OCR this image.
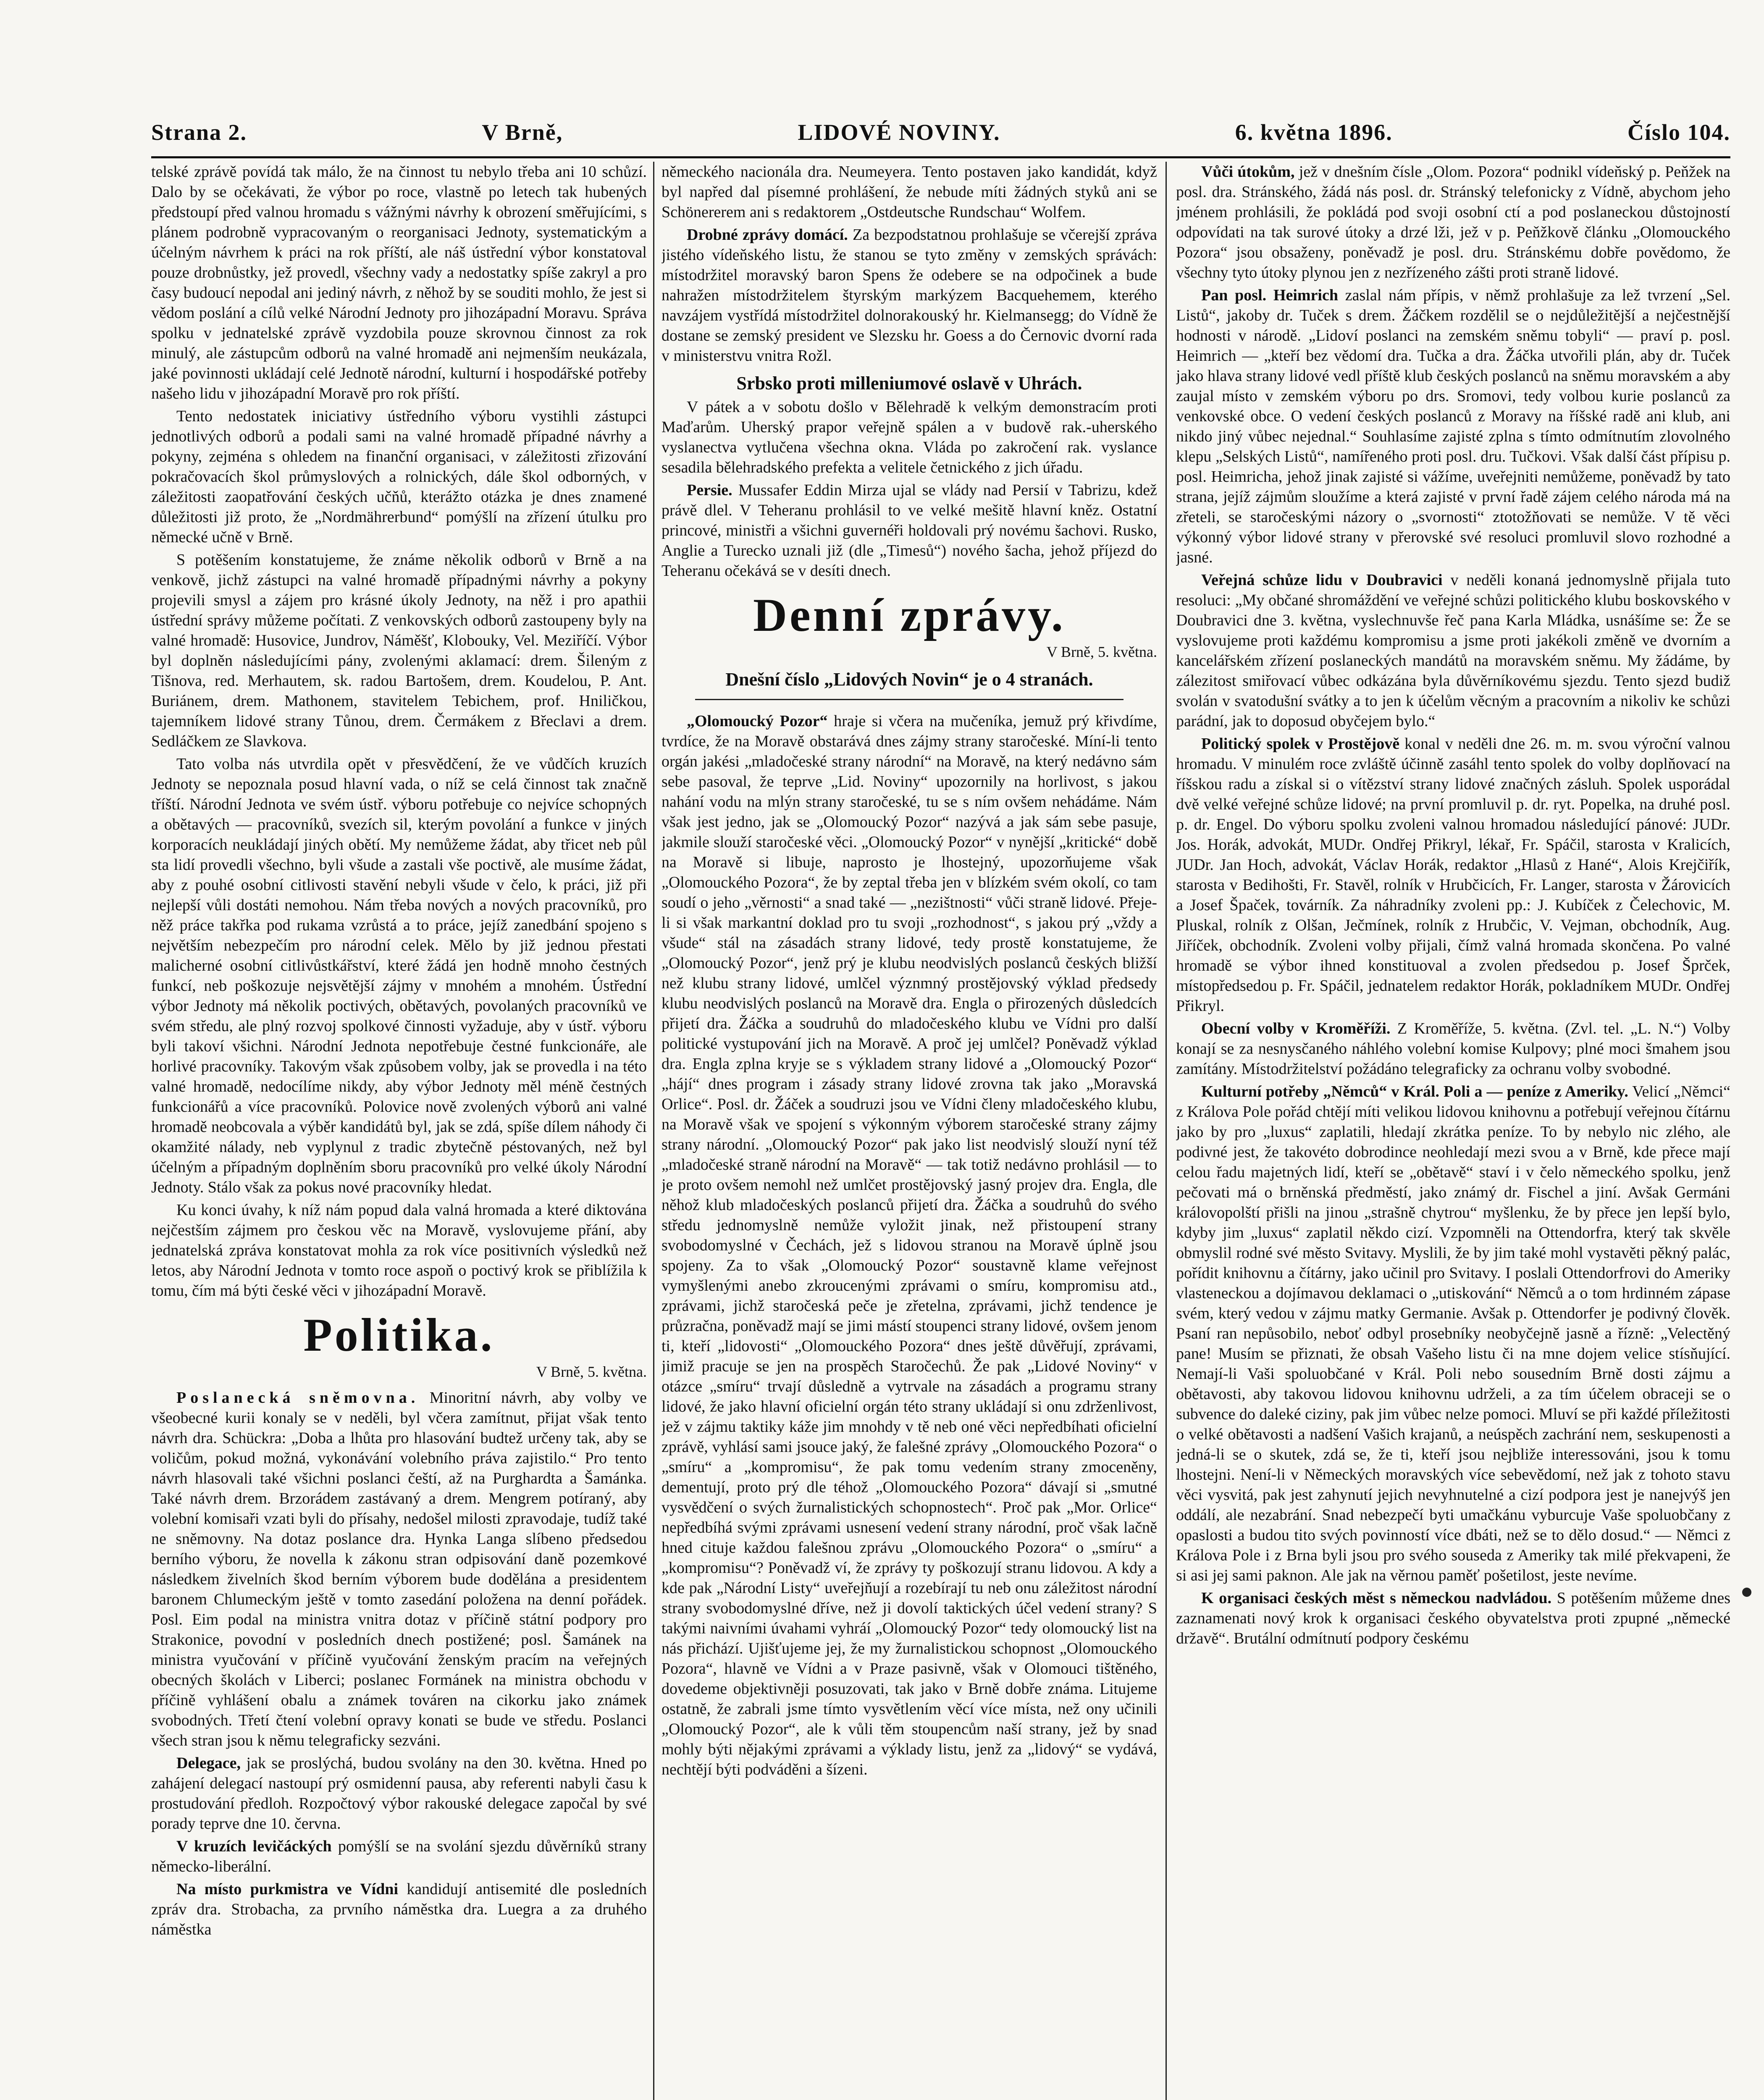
Strana 2.	V Brně,	LIDOVÉ NOVINY.	6. května 1896.	Číslo 104.

telské zprávě povídá tak málo, že na činnost tu nebylo třeba ani 10 schůzí. Dalo by se očekávati, že výbor po roce, vlastně po letech tak hubených předstoupí před valnou hromadu s vážnými návrhy k obrození směřujícími, s plánem podrobně vypracovaným o reorganisaci Jednoty, systematickým a účelným návrhem k práci na rok příští, ale náš ústřední výbor konstatoval pouze drobnůstky, jež provedl, všechny vady a nedostatky spíše zakryl a pro časy budoucí nepodal ani jediný návrh, z něhož by se souditi mohlo, že jest si vědom poslání a cílů velké Národní Jednoty pro jihozápadní Moravu. Správa spolku v jednatelské zprávě vyzdobila pouze skrovnou činnost za rok minulý, ale zástupcům odborů na valné hromadě ani nejmenším neukázala, jaké povinnosti ukládají celé Jednotě národní, kulturní i hospodářské potřeby našeho lidu v jihozápadní Moravě pro rok příští.

Tento nedostatek iniciativy ústředního výboru vystihli zástupci jednotlivých odborů a podali sami na valné hromadě případné návrhy a pokyny, zejména s ohledem na finanční organisaci, v záležitosti zřizování pokračovacích škol průmyslových a rolnických, dále škol odborných, v záležitosti zaopatřování českých učňů, kterážto otázka je dnes znamené důležitosti již proto, že „Nordmährerbund“ pomýšlí na zřízení útulku pro německé učně v Brně.

S potěšením konstatujeme, že známe několik odborů v Brně a na venkově, jichž zástupci na valné hromadě případnými návrhy a pokyny projevili smysl a zájem pro krásné úkoly Jednoty, na něž i pro apathii ústřední správy můžeme počítati. Z venkovských odborů zastoupeny byly na valné hromadě: Husovice, Jundrov, Náměšť, Klobouky, Vel. Meziříčí. Výbor byl doplněn následujícími pány, zvolenými aklamací: drem. Šileným z Tišnova, red. Merhautem, sk. radou Bartošem, drem. Koudelou, P. Ant. Buriánem, drem. Mathonem, stavitelem Tebichem, prof. Hniličkou, tajemníkem lidové strany Tůnou, drem. Čermákem z Břeclavi a drem. Sedláčkem ze Slavkova.

Tato volba nás utvrdila opět v přesvědčení, že ve vůdčích kruzích Jednoty se nepoznala posud hlavní vada, o níž se celá činnost tak značně tříští. Národní Jednota ve svém ústř. výboru potřebuje co nejvíce schopných a obětavých — pracovníků, svezích sil, kterým povolání a funkce v jiných korporacích neukládají jiných obětí. My nemůžeme žádat, aby třicet neb půl sta lidí provedli všechno, byli všude a zastali vše poctivě, ale musíme žádat, aby z pouhé osobní citlivosti stavění nebyli všude v čelo, k práci, již při nejlepší vůli dostáti nemohou. Nám třeba nových a nových pracovníků, pro něž práce takřka pod rukama vzrůstá a to práce, jejíž zanedbání spojeno s největším nebezpečím pro národní celek. Mělo by již jednou přestati malicherné osobní citlivůstkářství, které žádá jen hodně mnoho čestných funkcí, neb poškozuje nejsvětější zájmy v mnohém a mnohém. Ústřední výbor Jednoty má několik poctivých, obětavých, povolaných pracovníků ve svém středu, ale plný rozvoj spolkové činnosti vyžaduje, aby v ústř. výboru byli takoví všichni. Národní Jednota nepotřebuje čestné funkcionáře, ale horlivé pracovníky. Takovým však způsobem volby, jak se provedla i na této valné hromadě, nedocílíme nikdy, aby výbor Jednoty měl méně čestných funkcionářů a více pracovníků. Polovice nově zvolených výborů ani valné hromadě neobcovala a výběr kandidátů byl, jak se zdá, spíše dílem náhody či okamžité nálady, neb vyplynul z tradic zbytečně péstovaných, než byl účelným a případným doplněním sboru pracovníků pro velké úkoly Národní Jednoty. Stálo však za pokus nové pracovníky hledat.

Ku konci úvahy, k níž nám popud dala valná hromada a které diktována nejčestším zájmem pro českou věc na Moravě, vyslovujeme přání, aby jednatelská zpráva konstatovat mohla za rok více positivních výsledků než letos, aby Národní Jednota v tomto roce aspoň o poctivý krok se přiblížila k tomu, čím má býti české věci v jihozápadní Moravě.

Politika.
V Brně, 5. května.

Poslanecká sněmovna. Minoritní návrh, aby volby ve všeobecné kurii konaly se v neděli, byl včera zamítnut, přijat však tento návrh dra. Schückra: „Doba a lhůta pro hlasování budtež určeny tak, aby se voličům, pokud možná, vykonávání volebního práva zajistilo.“ Pro tento návrh hlasovali také všichni poslanci čeští, až na Purghardta a Šamánka. Také návrh drem. Brzorádem zastávaný a drem. Mengrem potíraný, aby volební komisaři vzati byli do přísahy, nedošel milosti zpravodaje, tudíž také ne sněmovny. Na dotaz poslance dra. Hynka Langa slíbeno předsedou berního výboru, že novella k zákonu stran odpisování daně pozemkové následkem živelních škod berním výborem bude dodělána a presidentem baronem Chlumeckým ještě v tomto zasedání položena na denní pořádek. Posl. Eim podal na ministra vnitra dotaz v příčině státní podpory pro Strakonice, povodní v posledních dnech postižené; posl. Šamánek na ministra vyučování v příčině vyučování ženským pracím na veřejných obecných školách v Liberci; poslanec Formánek na ministra obchodu v příčině vyhlášení obalu a známek továren na cikorku jako známek svobodných. Třetí čtení volební opravy konati se bude ve středu. Poslanci všech stran jsou k němu telegraficky sezváni.

Delegace, jak se proslýchá, budou svolány na den 30. května. Hned po zahájení delegací nastoupí prý osmidenní pausa, aby referenti nabyli času k prostudování předloh. Rozpočtový výbor rakouské delegace započal by své porady teprve dne 10. června.

V kruzích levičáckých pomýšlí se na svolání sjezdu důvěrníků strany německo-liberální.

Na místo purkmistra ve Vídni kandidují antisemité dle posledních zpráv dra. Strobacha, za prvního náměstka dra. Luegra a za druhého náměstka

německého nacionála dra. Neumeyera. Tento postaven jako kandidát, když byl napřed dal písemné prohlášení, že nebude míti žádných styků ani se Schönererem ani s redaktorem „Ostdeutsche Rundschau“ Wolfem.

Drobné zprávy domácí. Za bezpodstatnou prohlašuje se včerejší zpráva jistého vídeňského listu, že stanou se tyto změny v zemských správách: místodržitel moravský baron Spens že odebere se na odpočinek a bude nahražen místodržitelem štyrským markýzem Bacquehemem, kterého navzájem vystřídá místodržitel dolnorakouský hr. Kielmansegg; do Vídně že dostane se zemský president ve Slezsku hr. Goess a do Černovic dvorní rada v ministerstvu vnitra Rožl.

Srbsko proti milleniumové oslavě v Uhrách.

V pátek a v sobotu došlo v Bělehradě k velkým demonstracím proti Maďarům. Uherský prapor veřejně spálen a v budově rak.-uherského vyslanectva vytlučena všechna okna. Vláda po zakročení rak. vyslance sesadila bělehradského prefekta a velitele četnického z jich úřadu.

Persie. Mussafer Eddin Mirza ujal se vlády nad Persií v Tabrizu, kdež právě dlel. V Teheranu prohlásil to ve velké mešitě hlavní kněz. Ostatní princové, ministři a všichni guvernéři holdovali prý novému šachovi. Rusko, Anglie a Turecko uznali již (dle „Timesů“) nového šacha, jehož příjezd do Teheranu očekává se v desíti dnech.

Denní zprávy.
V Brně, 5. května.
Dnešní číslo „Lidových Novin“ je o 4 stranách.

„Olomoucký Pozor“ hraje si včera na mučeníka, jemuž prý křivdíme, tvrdíce, že na Moravě obstarává dnes zájmy strany staročeské. Míní-li tento orgán jakési „mladočeské strany národní“ na Moravě, na který nedávno sám sebe pasoval, že teprve „Lid. Noviny“ upozornily na horlivost, s jakou nahání vodu na mlýn strany staročeské, tu se s ním ovšem nehádáme. Nám však jest jedno, jak se „Olomoucký Pozor“ nazývá a jak sám sebe pasuje, jakmile slouží staročeské věci. „Olomoucký Pozor“ v nynější „kritické“ době na Moravě si libuje, naprosto je lhostejný, upozorňujeme však „Olomouckého Pozora“, že by zeptal třeba jen v blízkém svém okolí, co tam soudí o jeho „věrnosti“ a snad také — „nezištnosti“ vůči straně lidové. Přeje-li si však markantní doklad pro tu svoji „rozhodnost“, s jakou prý „vždy a všude“ stál na zásadách strany lidové, tedy prostě konstatujeme, že „Olomoucký Pozor“, jenž prý je klubu neodvislých poslanců českých bližší než klubu strany lidové, umlčel význmný prostějovský výklad předsedy klubu neodvislých poslanců na Moravě dra. Engla o přirozených důsledcích přijetí dra. Žáčka a soudruhů do mladočeského klubu ve Vídni pro další politické vystupování jich na Moravě. A proč jej umlčel? Poněvadž výklad dra. Engla zplna kryje se s výkladem strany lidové a „Olomoucký Pozor“ „hájí“ dnes program i zásady strany lidové zrovna tak jako „Moravská Orlice“. Posl. dr. Žáček a soudruzi jsou ve Vídni členy mladočeského klubu, na Moravě však ve spojení s výkonným výborem staročeské strany zájmy strany národní. „Olomoucký Pozor“ pak jako list neodvislý slouží nyní též „mladočeské straně národní na Moravě“ — tak totiž nedávno prohlásil — to je proto ovšem nemohl než umlčet prostějovský jasný projev dra. Engla, dle něhož klub mladočeských poslanců přijetí dra. Žáčka a soudruhů do svého středu jednomyslně nemůže vyložit jinak, než přistoupení strany svobodomyslné v Čechách, jež s lidovou stranou na Moravě úplně jsou spojeny. Za to však „Olomoucký Pozor“ soustavně klame veřejnost vymyšlenými anebo zkroucenými zprávami o smíru, kompromisu atd., zprávami, jichž staročeská peče je zřetelna, zprávami, jichž tendence je průzračna, poněvadž mají se jimi mástí stoupenci strany lidové, ovšem jenom ti, kteří „lidovosti“ „Olomouckého Pozora“ dnes ještě důvěřují, zprávami, jimiž pracuje se jen na prospěch Staročechů. Že pak „Lidové Noviny“ v otázce „smíru“ trvají důsledně a vytrvale na zásadách a programu strany lidové, že jako hlavní oficielní orgán této strany ukládají si onu zdrženlivost, jež v zájmu taktiky káže jim mnohdy v tě neb oné věci nepředbíhati oficielní zprávě, vyhlásí sami jsouce jaký, že falešné zprávy „Olomouckého Pozora“ o „smíru“ a „kompromisu“, že pak tomu vedením strany zmoceněny, dementují, proto prý dle téhož „Olomouckého Pozora“ dávají si „smutné vysvědčení o svých žurnalistických schopnostech“. Proč pak „Mor. Orlice“ nepředbíhá svými zprávami usnesení vedení strany národní, proč však lačně hned cituje každou falešnou zprávu „Olomouckého Pozora“ o „smíru“ a „kompromisu“? Poněvadž ví, že zprávy ty poškozují stranu lidovou. A kdy a kde pak „Národní Listy“ uveřejňují a rozebírají tu neb onu záležitost národní strany svobodomyslné dříve, než ji dovolí taktických účel vedení strany? S takými naivními úvahami vyhráí „Olomoucký Pozor“ tedy olomoucký list na nás přichází. Ujišťujeme jej, že my žurnalistickou schopnost „Olomouckého Pozora“, hlavně ve Vídni a v Praze pasivně, však v Olomouci tištěného, dovedeme objektivněji posuzovati, tak jako v Brně dobře známa. Litujeme ostatně, že zabrali jsme tímto vysvětlením věcí více místa, než ony učinili „Olomoucký Pozor“, ale k vůli těm stoupencům naší strany, jež by snad mohly býti nějakými zprávami a výklady listu, jenž za „lidový“ se vydává, nechtějí býti podváděni a šízeni.

Vůči útokům, jež v dnešním čísle „Olom. Pozora“ podnikl vídeňský p. Peňžek na posl. dra. Stránského, žádá nás posl. dr. Stránský telefonicky z Vídně, abychom jeho jménem prohlásili, že pokládá pod svoji osobní ctí a pod poslaneckou důstojností odpovídati na tak surové útoky a drzé lži, jež v p. Peňžkově článku „Olomouckého Pozora“ jsou obsaženy, poněvadž je posl. dru. Stránskému dobře povědomo, že všechny tyto útoky plynou jen z nezřízeného zášti proti straně lidové.

Pan posl. Heimrich zaslal nám přípis, v němž prohlašuje za lež tvrzení „Sel. Listů“, jakoby dr. Tuček s drem. Žáčkem rozdělil se o nejdůležitější a nejčestnější hodnosti v národě. „Lidoví poslanci na zemském sněmu tobyli“ — praví p. posl. Heimrich — „kteří bez vědomí dra. Tučka a dra. Žáčka utvořili plán, aby dr. Tuček jako hlava strany lidové vedl příště klub českých poslanců na sněmu moravském a aby zaujal místo v zemském výboru po drs. Sromovi, tedy volbou kurie poslanců za venkovské obce. O vedení českých poslanců z Moravy na říšské radě ani klub, ani nikdo jiný vůbec nejednal.“ Souhlasíme zajisté zplna s tímto odmítnutím zlovolného klepu „Selských Listů“, namířeného proti posl. dru. Tučkovi. Však další část přípisu p. posl. Heimricha, jehož jinak zajisté si vážíme, uveřejniti nemůžeme, poněvadž by tato strana, jejíž zájmům sloužíme a která zajisté v první řadě zájem celého národa má na zřeteli, se staročeskými názory o „svornosti“ ztotožňovati se nemůže. V tě věci výkonný výbor lidové strany v přerovské své resoluci promluvil slovo rozhodné a jasné.

Veřejná schůze lidu v Doubravici v neděli konaná jednomyslně přijala tuto resoluci: „My občané shromáždění ve veřejné schůzi politického klubu boskovského v Doubravici dne 3. května, vyslechnuvše řeč pana Karla Mládka, usnášíme se: Že se vyslovujeme proti každému kompromisu a jsme proti jakékoli změně ve dvorním a kancelářském zřízení poslaneckých mandátů na moravském sněmu. My žádáme, by zálezitost smiřovací vůbec odkázána byla důvěrníkovému sjezdu. Tento sjezd budiž svolán v svatodušní svátky a to jen k účelům věcným a pracovním a nikoliv ke schůzi parádní, jak to doposud obyčejem bylo.“

Politický spolek v Prostějově konal v neděli dne 26. m. m. svou výroční valnou hromadu. V minulém roce zvláště účinně zasáhl tento spolek do volby doplňovací na říšskou radu a získal si o vítězství strany lidové značných zásluh. Spolek usporádal dvě velké veřejné schůze lidové; na první promluvil p. dr. ryt. Popelka, na druhé posl. p. dr. Engel. Do výboru spolku zvoleni valnou hromadou následující pánové: JUDr. Jos. Horák, advokát, MUDr. Ondřej Přikryl, lékař, Fr. Spáčil, starosta v Kralicích, JUDr. Jan Hoch, advokát, Václav Horák, redaktor „Hlasů z Hané“, Alois Krejčiřík, starosta v Bedihošti, Fr. Stavěl, rolník v Hrubčicích, Fr. Langer, starosta v Žárovicích a Josef Špaček, továrník. Za náhradníky zvoleni pp.: J. Kubíček z Čelechovic, M. Pluskal, rolník z Olšan, Ječmínek, rolník z Hrubčic, V. Vejman, obchodník, Aug. Jiříček, obchodník. Zvoleni volby přijali, čímž valná hromada skončena. Po valné hromadě se výbor ihned konstituoval a zvolen předsedou p. Josef Šprček, místopředsedou p. Fr. Spáčil, jednatelem redaktor Horák, pokladníkem MUDr. Ondřej Přikryl.

Obecní volby v Kroměříži. Z Kroměříže, 5. května. (Zvl. tel. „L. N.“) Volby konají se za nesnysčaného náhlého volební komise Kulpovy; plné moci šmahem jsou zamítány. Místodržitelství požádáno telegraficky za ochranu volby svobodné.

Kulturní potřeby „Němců“ v Král. Poli a — peníze z Ameriky. Velicí „Němci“ z Králova Pole pořád chtějí míti velikou lidovou knihovnu a potřebují veřejnou čítárnu jako by pro „luxus“ zaplatili, hledají zkrátka peníze. To by nebylo nic zlého, ale podivné jest, že takovéto dobrodince neohledají mezi svou a v Brně, kde přece mají celou řadu majetných lidí, kteří se „obětavě“ staví i v čelo německého spolku, jenž pečovati má o brněnská předměstí, jako známý dr. Fischel a jiní. Avšak Germáni královopolští přišli na jinou „strašně chytrou“ myšlenku, že by přece jen lepší bylo, kdyby jim „luxus“ zaplatil někdo cizí. Vzpomněli na Ottendorfra, který tak skvěle obmyslil rodné své město Svitavy. Myslili, že by jim také mohl vystavěti pěkný palác, pořídit knihovnu a čítárny, jako učinil pro Svitavy. I poslali Ottendorfrovi do Ameriky vlasteneckou a dojímavou deklamaci o „utiskování“ Němců a o tom hrdinném zápase svém, který vedou v zájmu matky Germanie. Avšak p. Ottendorfer je podivný člověk. Psaní ran nepůsobilo, neboť odbyl prosebníky neobyčejně jasně a řízně: „Velectěný pane! Musím se přiznati, že obsah Vašeho listu či na mne dojem velice stísňující. Nemají-li Vaši spoluobčané v Král. Poli nebo sousedním Brně dosti zájmu a obětavosti, aby takovou lidovou knihovnu udrželi, a za tím účelem obraceji se o subvence do daleké ciziny, pak jim vůbec nelze pomoci. Mluví se při každé příležitosti o velké obětavosti a nadšení Vašich krajanů, a neúspěch zachrání nem, seskupenosti a jedná-li se o skutek, zdá se, že ti, kteří jsou nejbliže interessováni, jsou k tomu lhostejni. Není-li v Německých moravských více sebevědomí, než jak z tohoto stavu věci vysvitá, pak jest zahynutí jejich nevyhnutelné a cizí podpora jest je nanejvýš jen oddálí, ale nezabrání. Snad nebezpečí byti umačkánu vyburcuje Vaše spoluobčany z opaslosti a budou tito svých povinností více dbáti, než se to dělo dosud.“ — Němci z Králova Pole i z Brna byli jsou pro svého souseda z Ameriky tak milé překvapeni, že si asi jej sami paknon. Ale jak na věrnou paměť pošetilost, jeste nevíme.

K organisaci českých měst s německou nadvládou. S potěšením můžeme dnes zaznamenati nový krok k organisaci českého obyvatelstva proti zpupné „německé državě“. Brutální odmítnutí podpory českému
